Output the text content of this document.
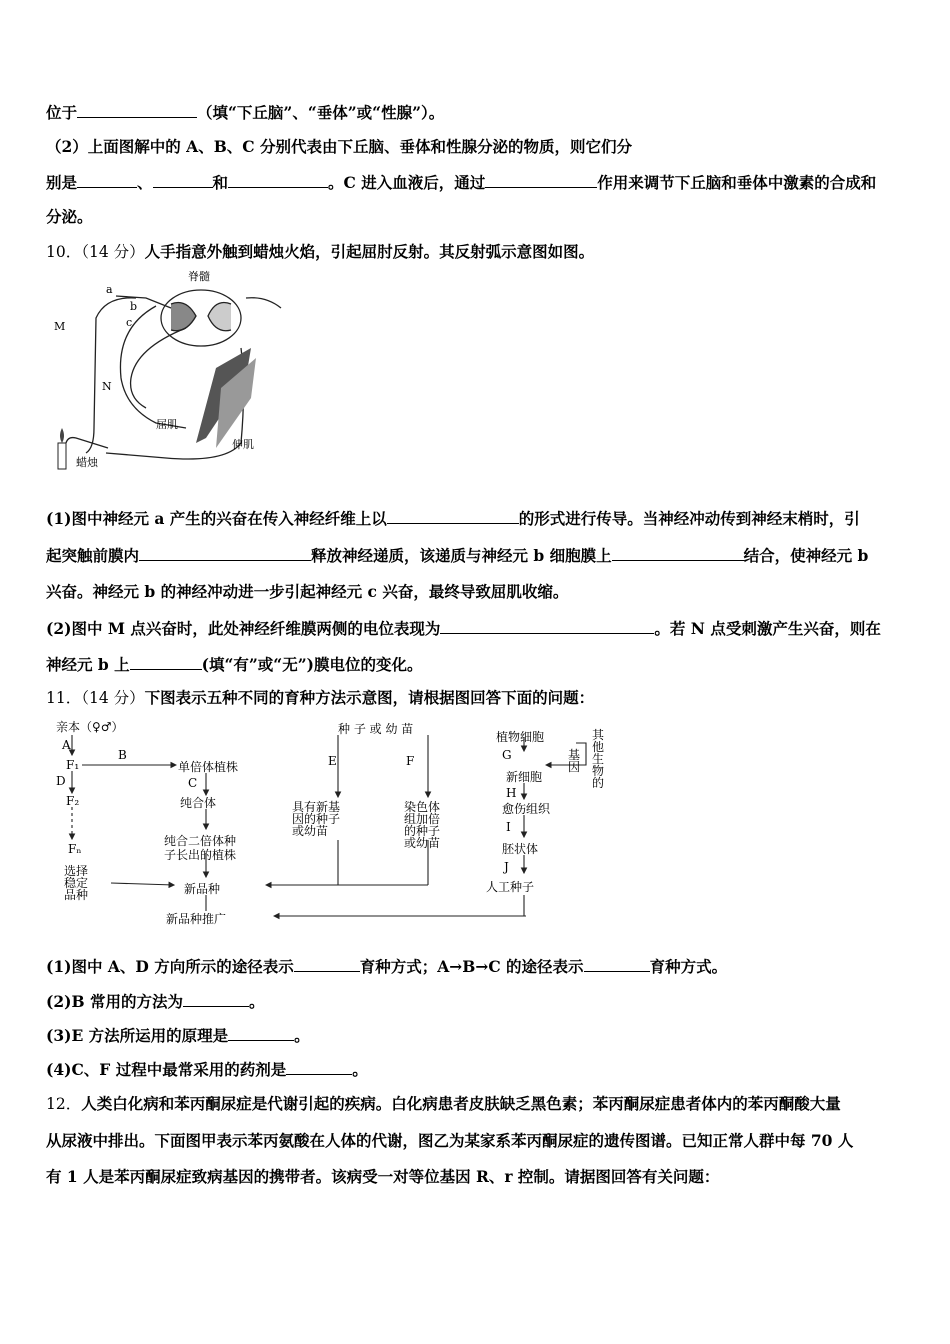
位于	（填“下丘脑”、“垂体”或“性腺”）。
（2）上面图解中的 A、B、C 分别代表由下丘脑、垂体和性腺分泌的物质，则它们分
别是	、	和	。C 进入血液后，通过	作用来调节下丘脑和垂体中激素的合成和
分泌。
10．（14 分）人手指意外触到蜡烛火焰，引起屈肘反射。其反射弧示意图如图。
脊髓
a
b
c
M
N
屈肌
伸肌
蜡烛
(1)图中神经元 a 产生的兴奋在传入神经纤维上以	的形式进行传导。当神经冲动传到神经末梢时，引
起突触前膜内	释放神经递质，该递质与神经元 b 细胞膜上	结合，使神经元 b
兴奋。神经元 b 的神经冲动进一步引起神经元 c 兴奋，最终导致屈肌收缩。
(2)图中 M 点兴奋时，此处神经纤维膜两侧的电位表现为	。若 N 点受刺激产生兴奋，则在
神经元 b 上	(填“有”或“无”)膜电位的变化。
11．（14 分）下图表示五种不同的育种方法示意图，请根据图回答下面的问题：
亲本（♀♂）
A
B
F₁
D
F₂
Fₙ
单倍体植株
C
纯合体
纯合二倍体种
子长出的植株
选择
稳定
品种	新品种
新品种推广
种 子 或 幼 苗
E
具有新基
因的种子
或幼苗
F
染色体
组加倍
的种子
或幼苗
植物细胞	其
他
生
物
的
基
因
G
新细胞
H
愈伤组织
I
胚状体
J
人工种子
(1)图中 A、D 方向所示的途径表示	育种方式；A→B→C 的途径表示	育种方式。
(2)B 常用的方法为	。
(3)E 方法所运用的原理是	。
(4)C、F 过程中最常采用的药剂是	。
12．人类白化病和苯丙酮尿症是代谢引起的疾病。白化病患者皮肤缺乏黑色素；苯丙酮尿症患者体内的苯丙酮酸大量
从尿液中排出。下面图甲表示苯丙氨酸在人体的代谢，图乙为某家系苯丙酮尿症的遗传图谱。已知正常人群中每 70 人
有 1 人是苯丙酮尿症致病基因的携带者。该病受一对等位基因 R、r 控制。请据图回答有关问题：
